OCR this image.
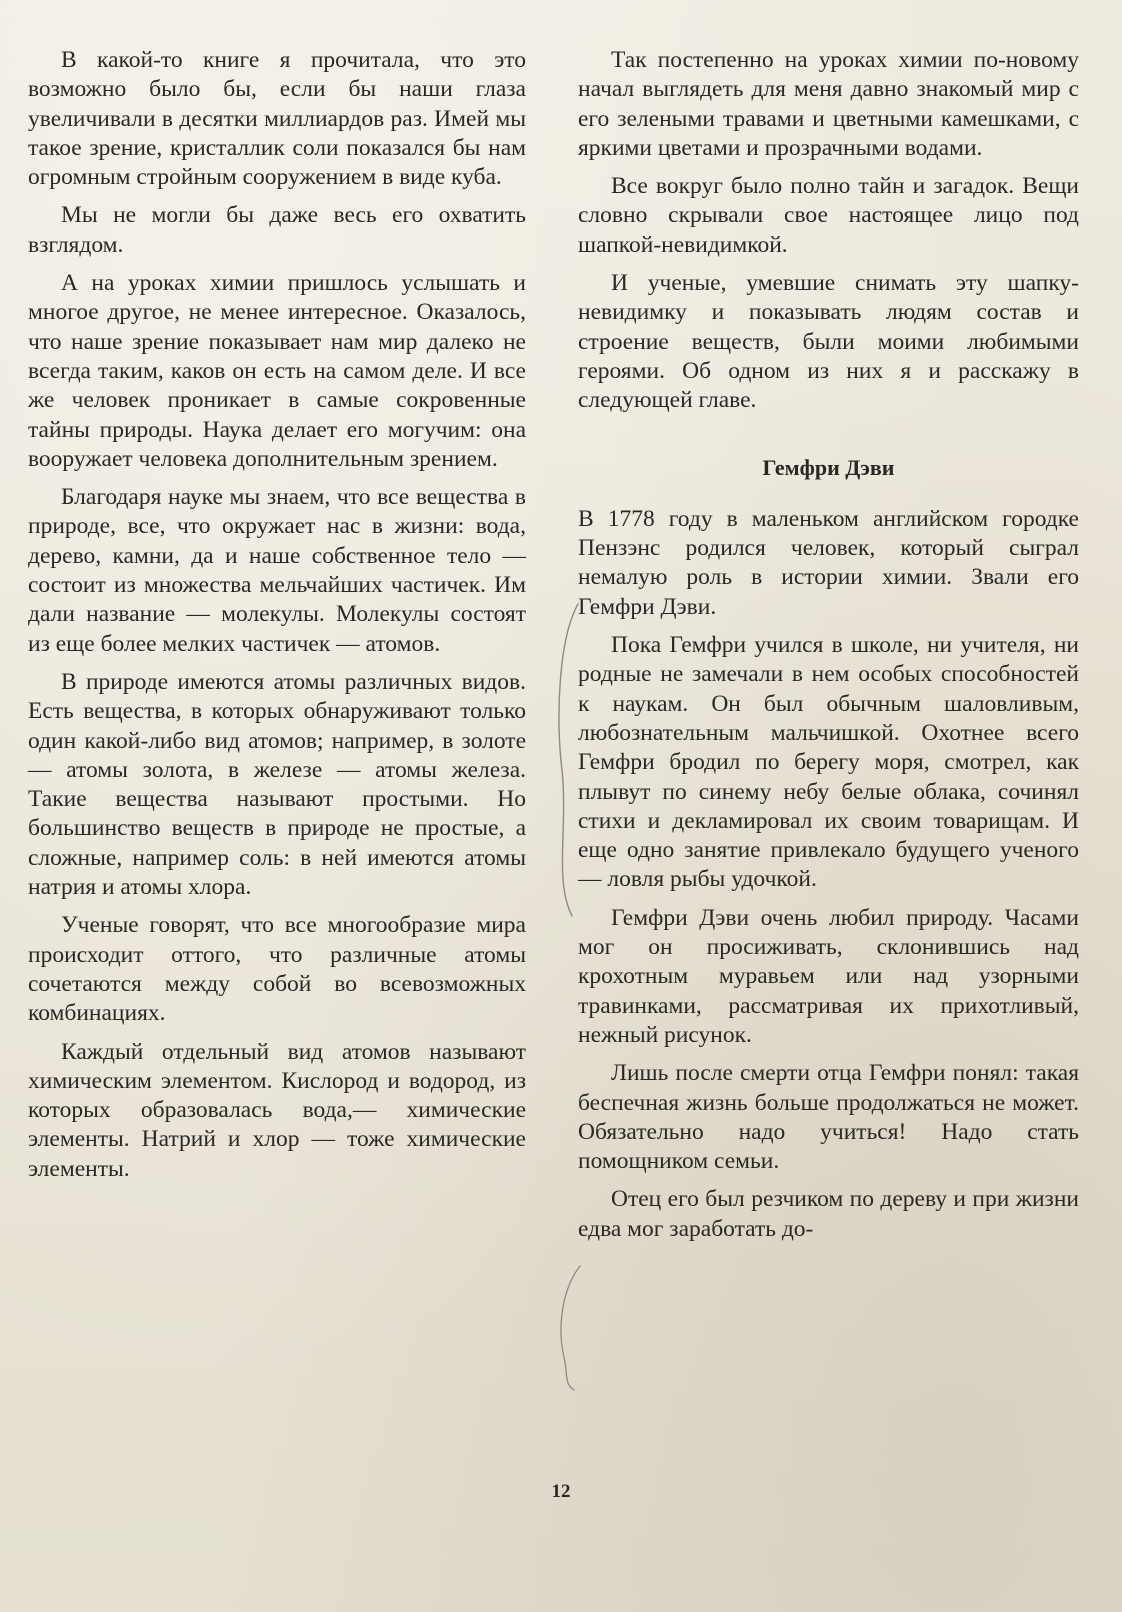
В какой-то книге я прочитала, что это возможно было бы, если бы наши глаза увеличивали в десятки миллиардов раз. Имей мы такое зрение, кристаллик соли показался бы нам огромным стройным сооружением в виде куба.

Мы не могли бы даже весь его охватить взглядом.

А на уроках химии пришлось услышать и многое другое, не менее интересное. Оказалось, что наше зрение показывает нам мир далеко не всегда таким, каков он есть на самом деле. И все же человек проникает в самые сокровенные тайны природы. Наука делает его могучим: она вооружает человека дополнительным зрением.

Благодаря науке мы знаем, что все вещества в природе, все, что окружает нас в жизни: вода, дерево, камни, да и наше собственное тело — состоит из множества мельчайших частичек. Им дали название — молекулы. Молекулы состоят из еще более мелких частичек — атомов.

В природе имеются атомы различных видов. Есть вещества, в которых обнаруживают только один какой-либо вид атомов; например, в золоте — атомы золота, в железе — атомы железа. Такие вещества называют простыми. Но большинство веществ в природе не простые, а сложные, например соль: в ней имеются атомы натрия и атомы хлора.

Ученые говорят, что все многообразие мира происходит оттого, что различные атомы сочетаются между собой во всевозможных комбинациях.

Каждый отдельный вид атомов называют химическим элементом. Кислород и водород, из которых образовалась вода,— химические элементы. Натрий и хлор — тоже химические элементы.

Так постепенно на уроках химии по-новому начал выглядеть для меня давно знакомый мир с его зелеными травами и цветными камешками, с яркими цветами и прозрачными водами.

Все вокруг было полно тайн и загадок. Вещи словно скрывали свое настоящее лицо под шапкой-невидимкой.

И ученые, умевшие снимать эту шапку-невидимку и показывать людям состав и строение веществ, были моими любимыми героями. Об одном из них я и расскажу в следующей главе.

Гемфри Дэви

В 1778 году в маленьком английском городке Пензэнс родился человек, который сыграл немалую роль в истории химии. Звали его Гемфри Дэви.

Пока Гемфри учился в школе, ни учителя, ни родные не замечали в нем особых способностей к наукам. Он был обычным шаловливым, любознательным мальчишкой. Охотнее всего Гемфри бродил по берегу моря, смотрел, как плывут по синему небу белые облака, сочинял стихи и декламировал их своим товарищам. И еще одно занятие привлекало будущего ученого — ловля рыбы удочкой.

Гемфри Дэви очень любил природу. Часами мог он просиживать, склонившись над крохотным муравьем или над узорными травинками, рассматривая их прихотливый, нежный рисунок.

Лишь после смерти отца Гемфри понял: такая беспечная жизнь больше продолжаться не может. Обязательно надо учиться! Надо стать помощником семьи.

Отец его был резчиком по дереву и при жизни едва мог заработать до-

12
